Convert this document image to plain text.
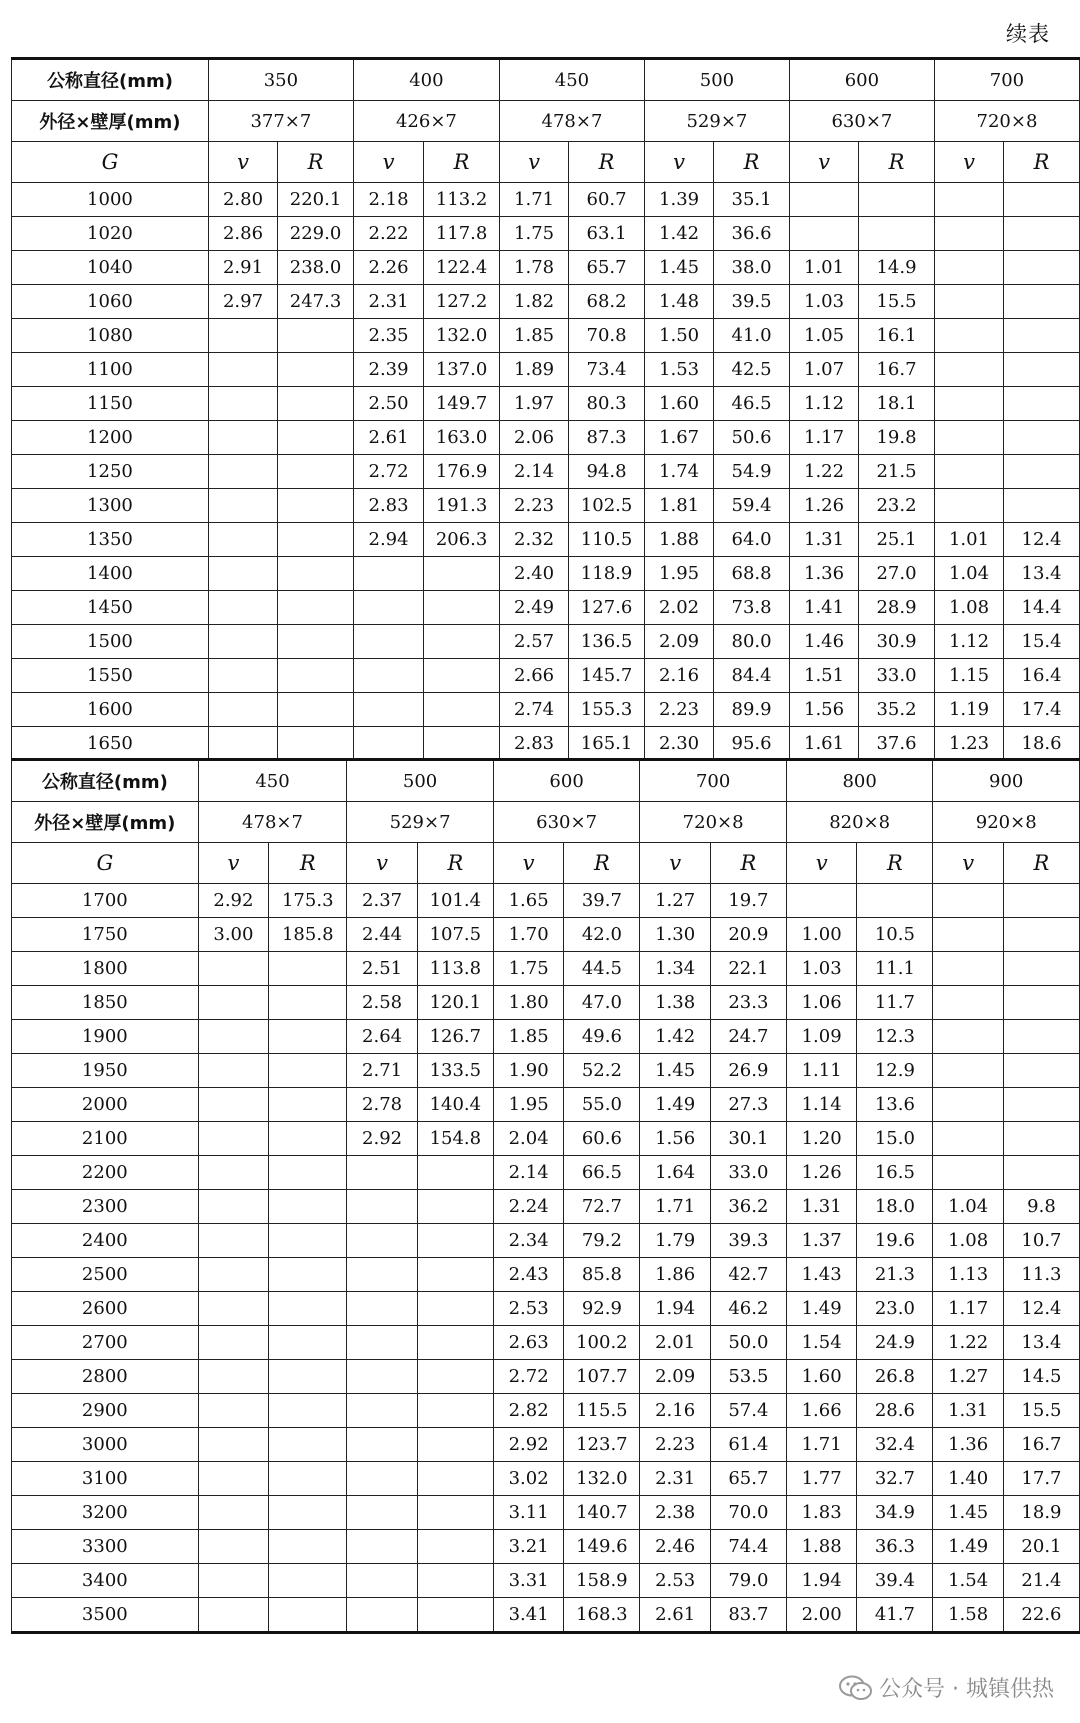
续表
公称直径(mm)	350		400		450		500		600		700	
外径×壁厚(mm)	377×7		426×7		478×7		529×7		630×7		720×8	
G	v	R	v	R	v	R	v	R	v	R	v	R
1000	2.80	220.1	2.18	113.2	1.71	60.7	1.39	35.1				
1020	2.86	229.0	2.22	117.8	1.75	63.1	1.42	36.6				
1040	2.91	238.0	2.26	122.4	1.78	65.7	1.45	38.0	1.01	14.9		
1060	2.97	247.3	2.31	127.2	1.82	68.2	1.48	39.5	1.03	15.5		
1080			2.35	132.0	1.85	70.8	1.50	41.0	1.05	16.1		
1100			2.39	137.0	1.89	73.4	1.53	42.5	1.07	16.7		
1150			2.50	149.7	1.97	80.3	1.60	46.5	1.12	18.1		
1200			2.61	163.0	2.06	87.3	1.67	50.6	1.17	19.8		
1250			2.72	176.9	2.14	94.8	1.74	54.9	1.22	21.5		
1300			2.83	191.3	2.23	102.5	1.81	59.4	1.26	23.2		
1350			2.94	206.3	2.32	110.5	1.88	64.0	1.31	25.1	1.01	12.4
1400					2.40	118.9	1.95	68.8	1.36	27.0	1.04	13.4
1450					2.49	127.6	2.02	73.8	1.41	28.9	1.08	14.4
1500					2.57	136.5	2.09	80.0	1.46	30.9	1.12	15.4
1550					2.66	145.7	2.16	84.4	1.51	33.0	1.15	16.4
1600					2.74	155.3	2.23	89.9	1.56	35.2	1.19	17.4
1650					2.83	165.1	2.30	95.6	1.61	37.6	1.23	18.6
公称直径(mm)	450		500		600		700		800		900	
外径×壁厚(mm)	478×7		529×7		630×7		720×8		820×8		920×8	
G	v	R	v	R	v	R	v	R	v	R	v	R
1700	2.92	175.3	2.37	101.4	1.65	39.7	1.27	19.7				
1750	3.00	185.8	2.44	107.5	1.70	42.0	1.30	20.9	1.00	10.5		
1800			2.51	113.8	1.75	44.5	1.34	22.1	1.03	11.1		
1850			2.58	120.1	1.80	47.0	1.38	23.3	1.06	11.7		
1900			2.64	126.7	1.85	49.6	1.42	24.7	1.09	12.3		
1950			2.71	133.5	1.90	52.2	1.45	26.9	1.11	12.9		
2000			2.78	140.4	1.95	55.0	1.49	27.3	1.14	13.6		
2100			2.92	154.8	2.04	60.6	1.56	30.1	1.20	15.0		
2200					2.14	66.5	1.64	33.0	1.26	16.5		
2300					2.24	72.7	1.71	36.2	1.31	18.0	1.04	9.8
2400					2.34	79.2	1.79	39.3	1.37	19.6	1.08	10.7
2500					2.43	85.8	1.86	42.7	1.43	21.3	1.13	11.3
2600					2.53	92.9	1.94	46.2	1.49	23.0	1.17	12.4
2700					2.63	100.2	2.01	50.0	1.54	24.9	1.22	13.4
2800					2.72	107.7	2.09	53.5	1.60	26.8	1.27	14.5
2900					2.82	115.5	2.16	57.4	1.66	28.6	1.31	15.5
3000					2.92	123.7	2.23	61.4	1.71	32.4	1.36	16.7
3100					3.02	132.0	2.31	65.7	1.77	32.7	1.40	17.7
3200					3.11	140.7	2.38	70.0	1.83	34.9	1.45	18.9
3300					3.21	149.6	2.46	74.4	1.88	36.3	1.49	20.1
3400					3.31	158.9	2.53	79.0	1.94	39.4	1.54	21.4
3500					3.41	168.3	2.61	83.7	2.00	41.7	1.58	22.6
公众号 · 城镇供热
